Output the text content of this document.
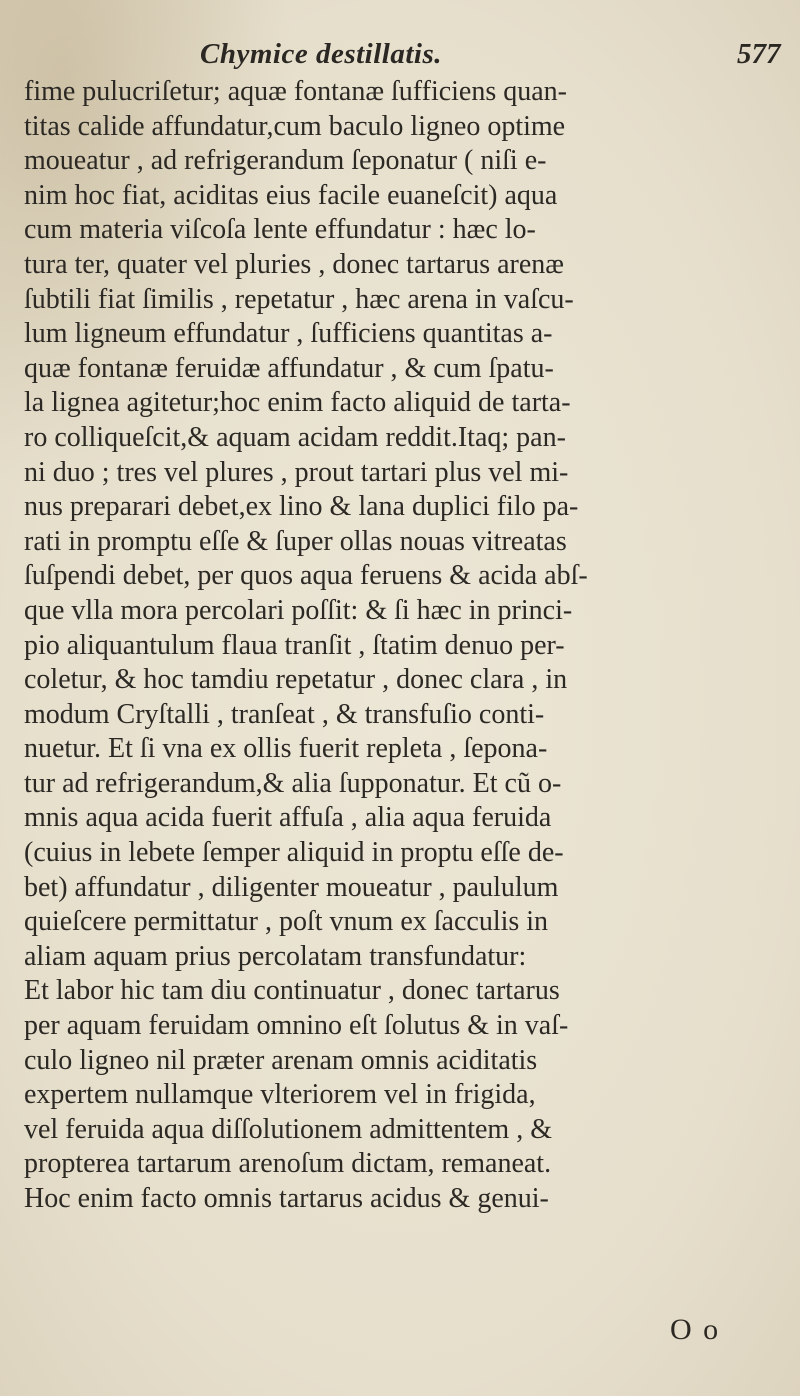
Chymice destillatis.	577
fime pulucriſetur; aquæ fontanæ ſufficiens quan-
titas calide affundatur,cum baculo ligneo optime
moueatur , ad refrigerandum ſeponatur ( niſi e-
nim hoc fiat, aciditas eius facile euaneſcit) aqua
cum materia viſcoſa lente effundatur : hæc lo-
tura ter, quater vel pluries , donec tartarus arenæ
ſubtili fiat ſimilis , repetatur , hæc arena in vaſcu-
lum ligneum effundatur , ſufficiens quantitas a-
quæ fontanæ feruidæ affundatur , & cum ſpatu-
la lignea agitetur;hoc enim facto aliquid de tarta-
ro colliqueſcit,& aquam acidam reddit.Itaq; pan-
ni duo ; tres vel plures , prout tartari plus vel mi-
nus preparari debet,ex lino & lana duplici filo pa-
rati in promptu eſſe & ſuper ollas nouas vitreatas
ſuſpendi debet, per quos aqua feruens & acida abſ-
que vlla mora percolari poſſit: & ſi hæc in princi-
pio aliquantulum flaua tranſit , ſtatim denuo per-
coletur, & hoc tamdiu repetatur , donec clara , in
modum Cryſtalli , tranſeat , & transfuſio conti-
nuetur. Et ſi vna ex ollis fuerit repleta , ſepona-
tur ad refrigerandum,& alia ſupponatur. Et cũ o-
mnis aqua acida fuerit affuſa , alia aqua feruida
(cuius in lebete ſemper aliquid in proptu eſſe de-
bet) affundatur , diligenter moueatur , paululum
quieſcere permittatur , poſt vnum ex ſacculis in
aliam aquam prius percolatam transfundatur:
Et labor hic tam diu continuatur , donec tartarus
per aquam feruidam omnino eſt ſolutus & in vaſ-
culo ligneo nil præter arenam omnis aciditatis
expertem nullamque vlteriorem vel in frigida,
vel feruida aqua diſſolutionem admittentem , &
propterea tartarum arenoſum dictam, remaneat.
Hoc enim facto omnis tartarus acidus & genui-
O o
